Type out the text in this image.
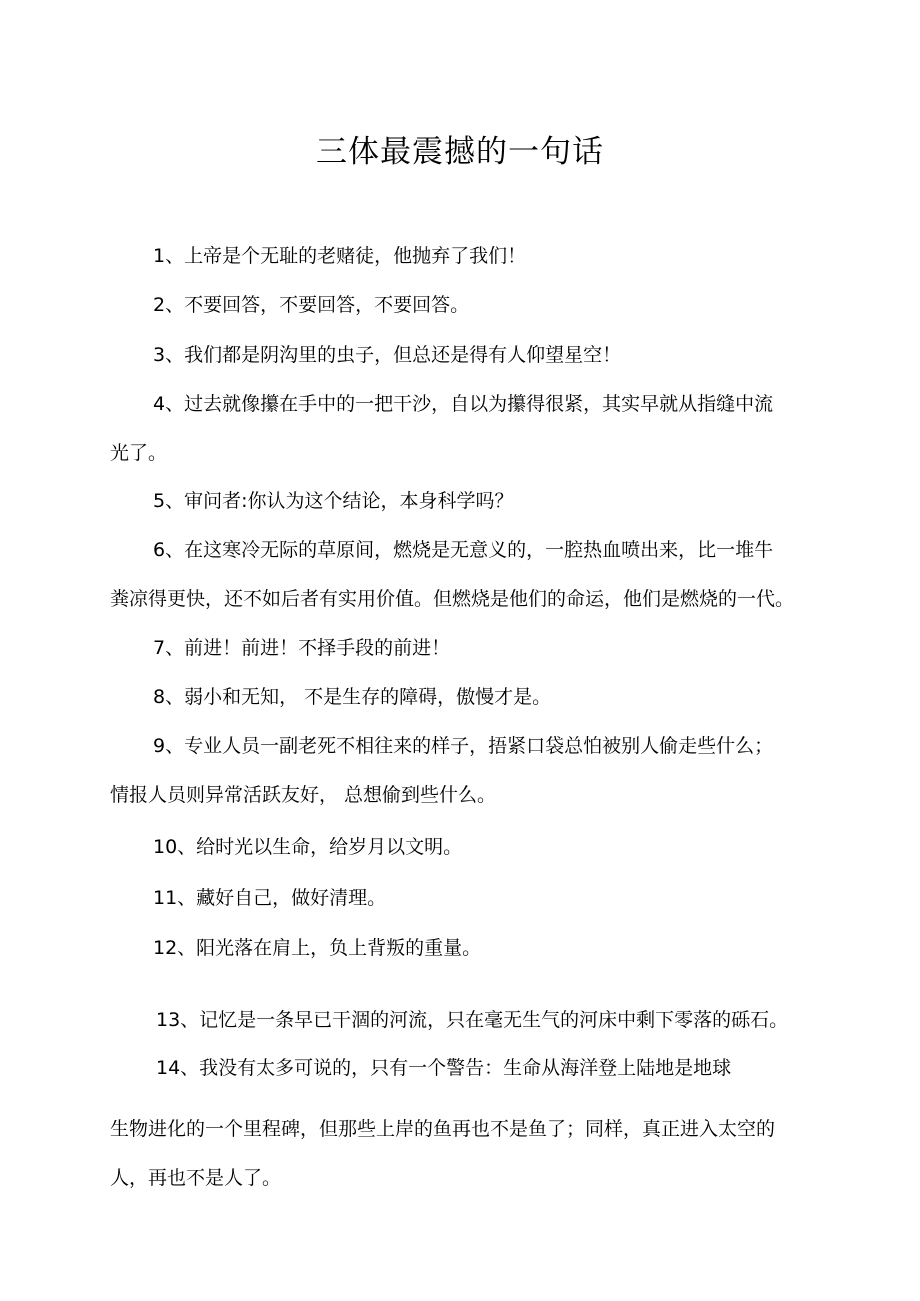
三体最震撼的一句话
1、上帝是个无耻的老赌徒，他抛弃了我们！
2、不要回答，不要回答，不要回答。
3、我们都是阴沟里的虫子，但总还是得有人仰望星空！
4、过去就像攥在手中的一把干沙，自以为攥得很紧，其实早就从指缝中流
光了。
5、审问者:你认为这个结论，本身科学吗？
6、在这寒冷无际的草原间，燃烧是无意义的，一腔热血喷出来，比一堆牛
粪凉得更快，还不如后者有实用价值。但燃烧是他们的命运，他们是燃烧的一代。
7、前进！前进！不择手段的前进！
8、弱小和无知， 不是生存的障碍，傲慢才是。
9、专业人员一副老死不相往来的样子，捂紧口袋总怕被别人偷走些什么；
情报人员则异常活跃友好， 总想偷到些什么。
10、给时光以生命，给岁月以文明。
11、藏好自己，做好清理。
12、阳光落在肩上，负上背叛的重量。
13、记忆是一条早已干涸的河流，只在毫无生气的河床中剩下零落的砾石。
14、我没有太多可说的，只有一个警告：生命从海洋登上陆地是地球
生物进化的一个里程碑，但那些上岸的鱼再也不是鱼了；同样，真正进入太空的
人，再也不是人了。
